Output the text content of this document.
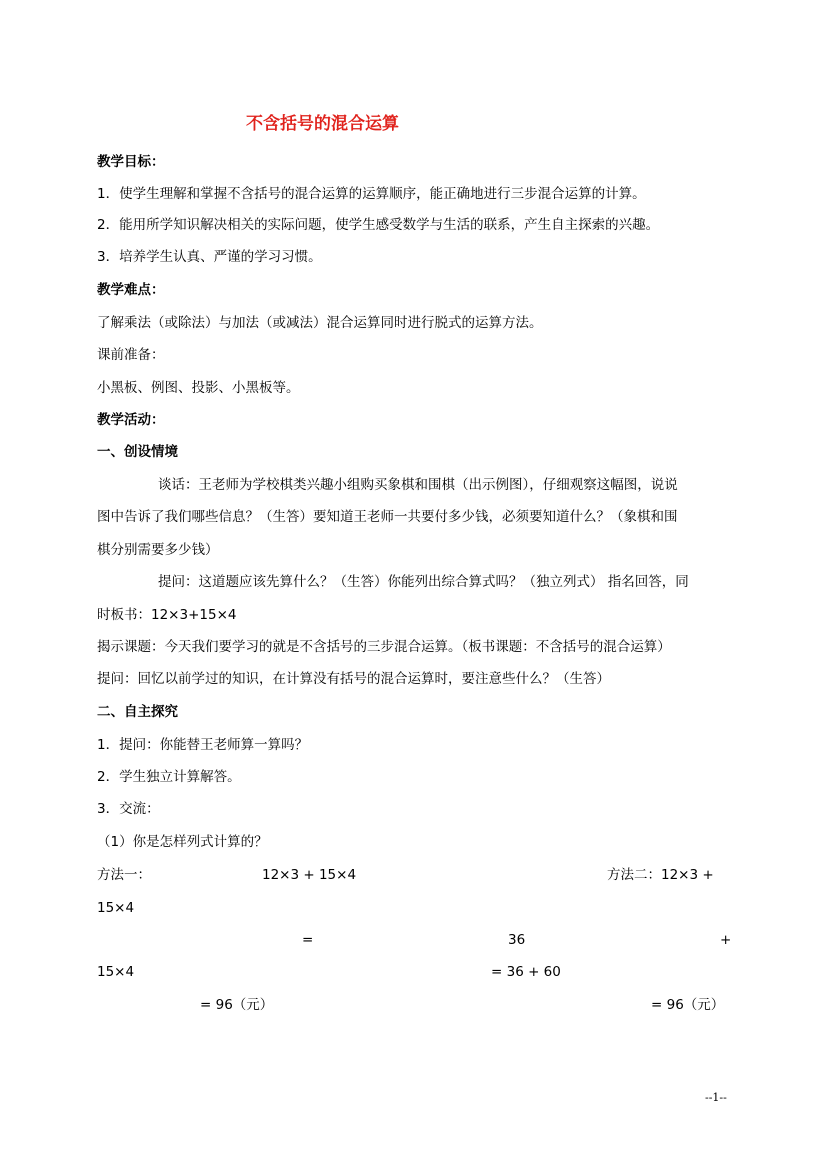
不含括号的混合运算
教学目标：
1．使学生理解和掌握不含括号的混合运算的运算顺序，能正确地进行三步混合运算的计算。
2．能用所学知识解决相关的实际问题，使学生感受数学与生活的联系，产生自主探索的兴趣。
3．培养学生认真、严谨的学习习惯。
教学难点：
了解乘法（或除法）与加法（或减法）混合运算同时进行脱式的运算方法。
课前准备：
小黑板、例图、投影、小黑板等。
教学活动：
一、创设情境
谈话：王老师为学校棋类兴趣小组购买象棋和围棋（出示例图），仔细观察这幅图，说说
图中告诉了我们哪些信息？（生答）要知道王老师一共要付多少钱，必须要知道什么？（象棋和围
棋分别需要多少钱）
提问：这道题应该先算什么？（生答）你能列出综合算式吗？（独立列式） 指名回答，同
时板书：12×3+15×4
揭示课题：今天我们要学习的就是不含括号的三步混合运算。（板书课题：不含括号的混合运算）
提问：回忆以前学过的知识，在计算没有括号的混合运算时，要注意些什么？（生答）
二、自主探究
1．提问：你能替王老师算一算吗？
2．学生独立计算解答。
3．交流：
（1）你是怎样列式计算的？
方法一：	12×3 + 15×4	方法二：12×3 +
15×4
=	36	+
15×4	= 36 + 60
= 96（元）	= 96（元）
--1--
